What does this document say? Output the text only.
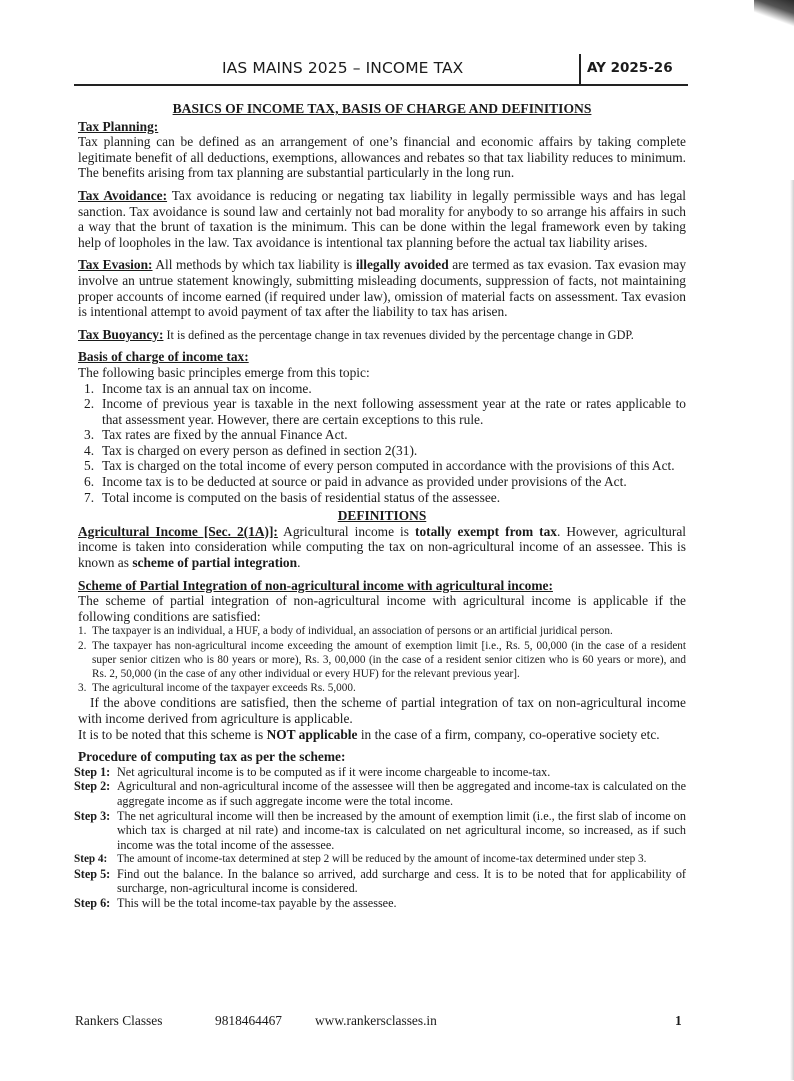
IAS MAINS 2025 – INCOME TAX	AY 2025-26
BASICS OF INCOME TAX, BASIS OF CHARGE AND DEFINITIONS
Tax Planning:

Tax planning can be defined as an arrangement of one’s financial and economic affairs by taking complete legitimate benefit of all deductions, exemptions, allowances and rebates so that tax liability reduces to minimum. The benefits arising from tax planning are substantial particularly in the long run.

Tax Avoidance: Tax avoidance is reducing or negating tax liability in legally permissible ways and has legal sanction. Tax avoidance is sound law and certainly not bad morality for anybody to so arrange his affairs in such a way that the brunt of taxation is the minimum. This can be done within the legal framework even by taking help of loopholes in the law. Tax avoidance is intentional tax planning before the actual tax liability arises.

Tax Evasion: All methods by which tax liability is illegally avoided are termed as tax evasion. Tax evasion may involve an untrue statement knowingly, submitting misleading documents, suppression of facts, not maintaining proper accounts of income earned (if required under law), omission of material facts on assessment. Tax evasion is intentional attempt to avoid payment of tax after the liability to tax has arisen.

Tax Buoyancy: It is defined as the percentage change in tax revenues divided by the percentage change in GDP.

Basis of charge of income tax:

The following basic principles emerge from this topic:

1. Income tax is an annual tax on income.
2. Income of previous year is taxable in the next following assessment year at the rate or rates applicable to that assessment year. However, there are certain exceptions to this rule.
3. Tax rates are fixed by the annual Finance Act.
4. Tax is charged on every person as defined in section 2(31).
5. Tax is charged on the total income of every person computed in accordance with the provisions of this Act.
6. Income tax is to be deducted at source or paid in advance as provided under provisions of the Act.
7. Total income is computed on the basis of residential status of the assessee.
DEFINITIONS

Agricultural Income [Sec. 2(1A)]: Agricultural income is totally exempt from tax. However, agricultural income is taken into consideration while computing the tax on non-agricultural income of an assessee. This is known as scheme of partial integration.

Scheme of Partial Integration of non-agricultural income with agricultural income:

The scheme of partial integration of non-agricultural income with agricultural income is applicable if the following conditions are satisfied:

1. The taxpayer is an individual, a HUF, a body of individual, an association of persons or an artificial juridical person.
2. The taxpayer has non-agricultural income exceeding the amount of exemption limit [i.e., Rs. 5, 00,000 (in the case of a resident super senior citizen who is 80 years or more), Rs. 3, 00,000 (in the case of a resident senior citizen who is 60 years or more), and Rs. 2, 50,000 (in the case of any other individual or every HUF) for the relevant previous year].
3. The agricultural income of the taxpayer exceeds Rs. 5,000.

If the above conditions are satisfied, then the scheme of partial integration of tax on non-agricultural income with income derived from agriculture is applicable.

It is to be noted that this scheme is NOT applicable in the case of a firm, company, co-operative society etc.

Procedure of computing tax as per the scheme:
Step 1: Net agricultural income is to be computed as if it were income chargeable to income-tax.
Step 2: Agricultural and non-agricultural income of the assessee will then be aggregated and income-tax is calculated on the aggregate income as if such aggregate income were the total income.
Step 3: The net agricultural income will then be increased by the amount of exemption limit (i.e., the first slab of income on which tax is charged at nil rate) and income-tax is calculated on net agricultural income, so increased, as if such income was the total income of the assessee.
Step 4: The amount of income-tax determined at step 2 will be reduced by the amount of income-tax determined under step 3.
Step 5: Find out the balance. In the balance so arrived, add surcharge and cess. It is to be noted that for applicability of surcharge, non-agricultural income is considered.
Step 6: This will be the total income-tax payable by the assessee.
Rankers Classes	9818464467 www.rankersclasses.in	1
